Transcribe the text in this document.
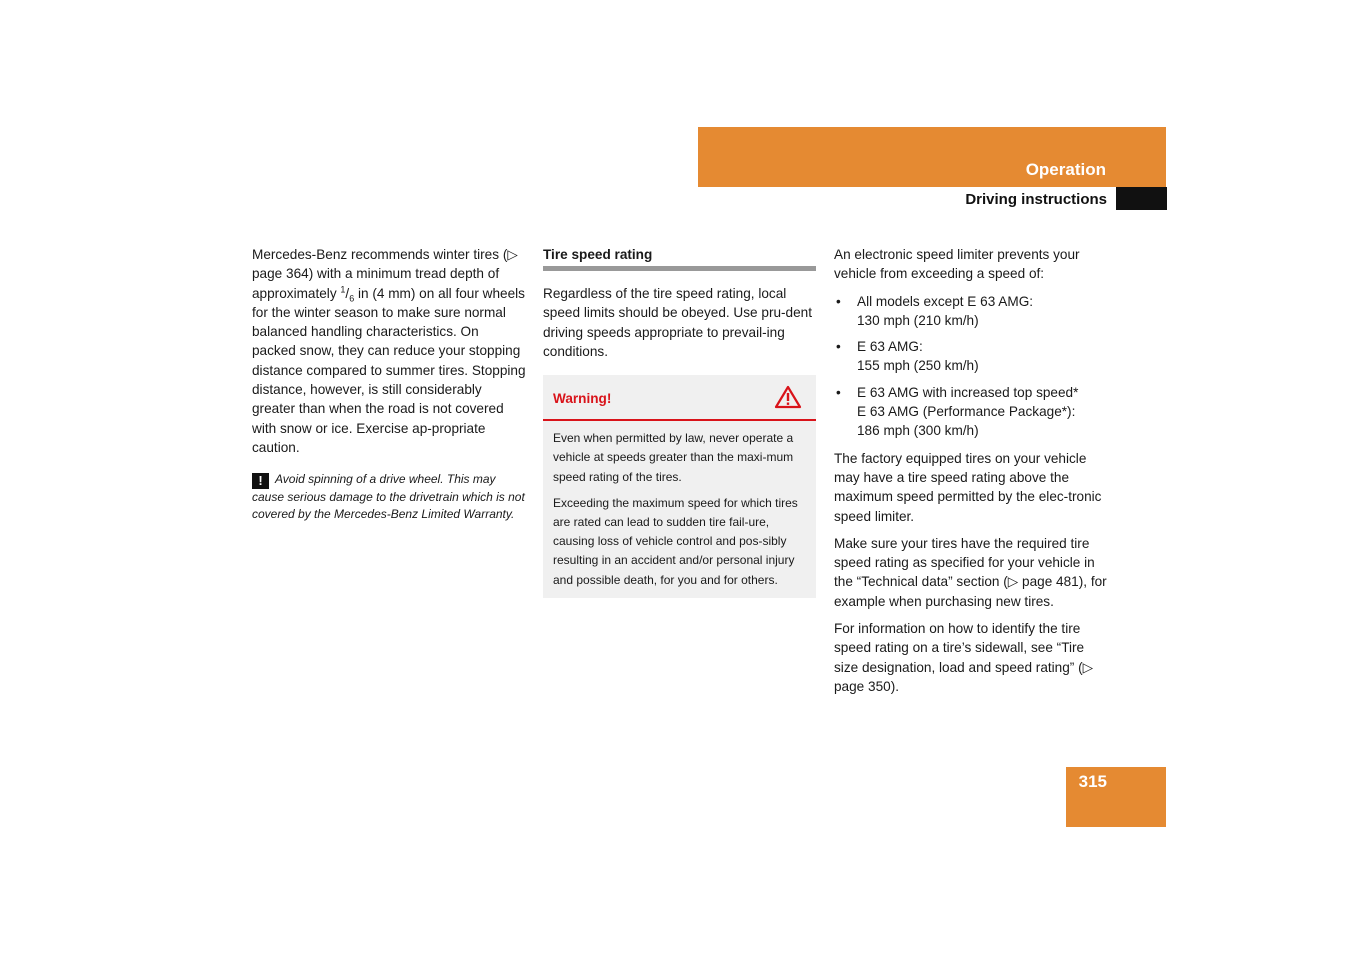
Operation
Driving instructions

Mercedes-Benz recommends winter tires (▷ page 364) with a minimum tread depth of approximately $^1/_6$ in (4 mm) on all four wheels for the winter season to make sure normal balanced handling characteristics. On packed snow, they can reduce your stopping distance compared to summer tires. Stopping distance, however, is still considerably greater than when the road is not covered with snow or ice. Exercise ap-propriate caution.

! Avoid spinning of a drive wheel. This may cause serious damage to the drivetrain which is not covered by the Mercedes-Benz Limited Warranty.
Tire speed rating

Regardless of the tire speed rating, local speed limits should be obeyed. Use pru-dent driving speeds appropriate to prevail-ing conditions.

Warning!

Even when permitted by law, never operate a vehicle at speeds greater than the maxi-mum speed rating of the tires.

Exceeding the maximum speed for which tires are rated can lead to sudden tire fail-ure, causing loss of vehicle control and pos-sibly resulting in an accident and/or personal injury and possible death, for you and for others.

An electronic speed limiter prevents your vehicle from exceeding a speed of:

• All models except E 63 AMG:
130 mph (210 km/h)
• E 63 AMG:
155 mph (250 km/h)
• E 63 AMG with increased top speed*
E 63 AMG (Performance Package*):
186 mph (300 km/h)

The factory equipped tires on your vehicle may have a tire speed rating above the maximum speed permitted by the elec-tronic speed limiter.

Make sure your tires have the required tire speed rating as specified for your vehicle in the “Technical data” section (▷ page 481), for example when purchasing new tires.

For information on how to identify the tire speed rating on a tire’s sidewall, see “Tire size designation, load and speed rating” (▷ page 350).

315
